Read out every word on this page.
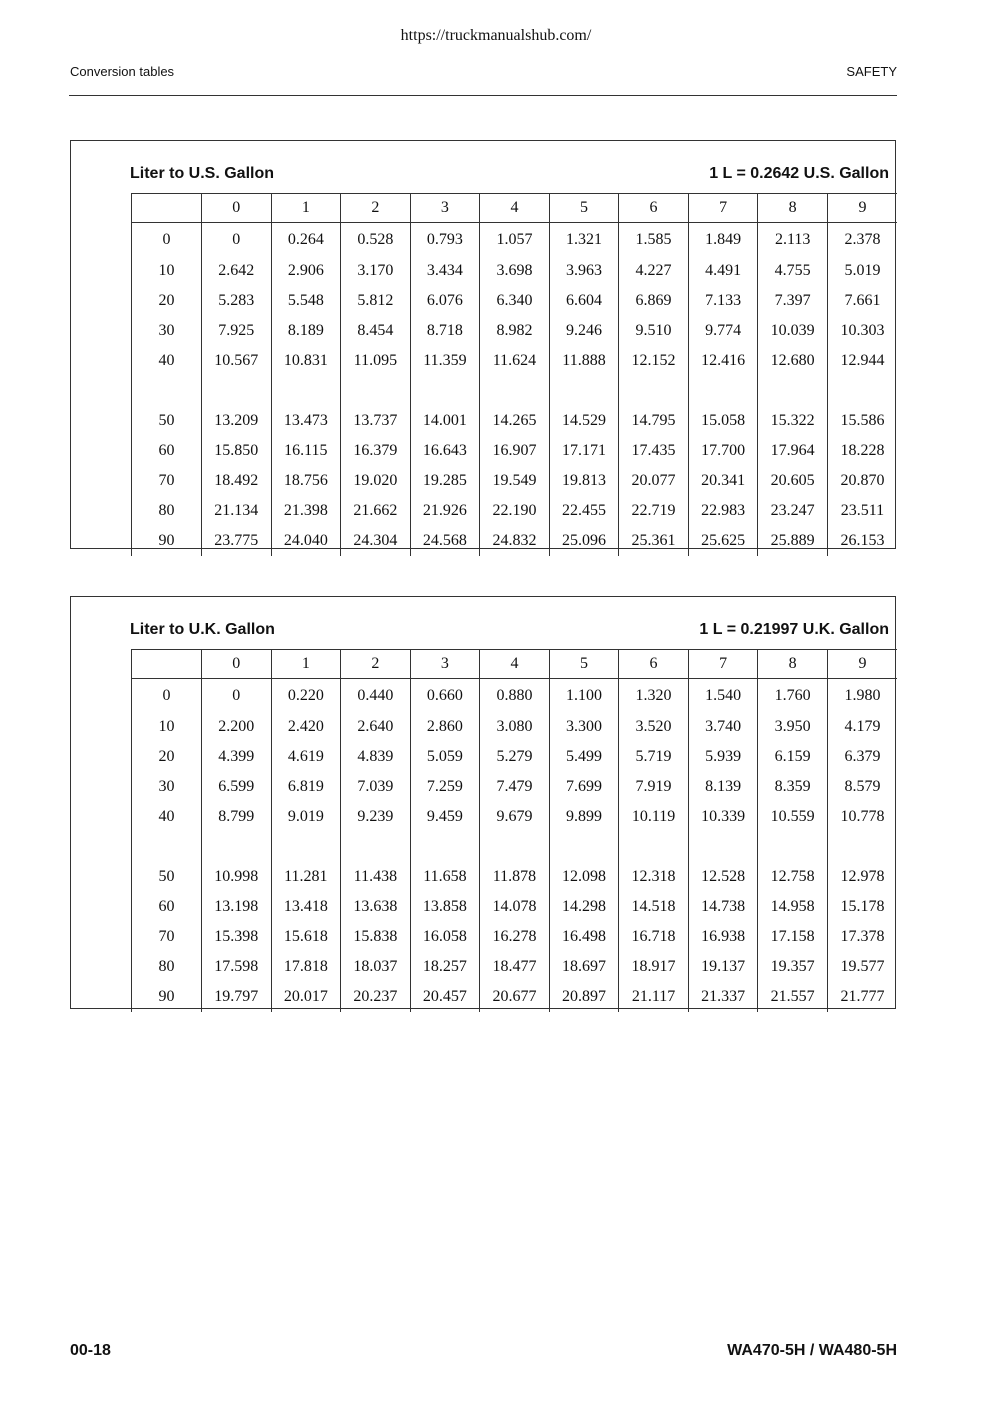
https://truckmanualshub.com/
Conversion tables	SAFETY
Liter to U.S. Gallon	1 L = 0.2642 U.S. Gallon
	0	1	2	3	4	5	6	7	8	9
0	0	0.264	0.528	0.793	1.057	1.321	1.585	1.849	2.113	2.378
10	2.642	2.906	3.170	3.434	3.698	3.963	4.227	4.491	4.755	5.019
20	5.283	5.548	5.812	6.076	6.340	6.604	6.869	7.133	7.397	7.661
30	7.925	8.189	8.454	8.718	8.982	9.246	9.510	9.774	10.039	10.303
40	10.567	10.831	11.095	11.359	11.624	11.888	12.152	12.416	12.680	12.944

50	13.209	13.473	13.737	14.001	14.265	14.529	14.795	15.058	15.322	15.586
60	15.850	16.115	16.379	16.643	16.907	17.171	17.435	17.700	17.964	18.228
70	18.492	18.756	19.020	19.285	19.549	19.813	20.077	20.341	20.605	20.870
80	21.134	21.398	21.662	21.926	22.190	22.455	22.719	22.983	23.247	23.511
90	23.775	24.040	24.304	24.568	24.832	25.096	25.361	25.625	25.889	26.153
Liter to U.K. Gallon	1 L = 0.21997 U.K. Gallon
	0	1	2	3	4	5	6	7	8	9
0	0	0.220	0.440	0.660	0.880	1.100	1.320	1.540	1.760	1.980
10	2.200	2.420	2.640	2.860	3.080	3.300	3.520	3.740	3.950	4.179
20	4.399	4.619	4.839	5.059	5.279	5.499	5.719	5.939	6.159	6.379
30	6.599	6.819	7.039	7.259	7.479	7.699	7.919	8.139	8.359	8.579
40	8.799	9.019	9.239	9.459	9.679	9.899	10.119	10.339	10.559	10.778

50	10.998	11.281	11.438	11.658	11.878	12.098	12.318	12.528	12.758	12.978
60	13.198	13.418	13.638	13.858	14.078	14.298	14.518	14.738	14.958	15.178
70	15.398	15.618	15.838	16.058	16.278	16.498	16.718	16.938	17.158	17.378
80	17.598	17.818	18.037	18.257	18.477	18.697	18.917	19.137	19.357	19.577
90	19.797	20.017	20.237	20.457	20.677	20.897	21.117	21.337	21.557	21.777
00-18	WA470-5H / WA480-5H
